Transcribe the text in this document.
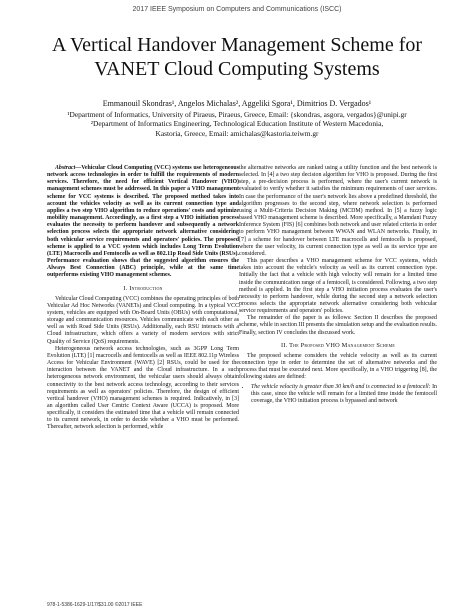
2017 IEEE Symposium on Computers and Communications (ISCC)
A Vertical Handover Management Scheme for VANET Cloud Computing Systems
Emmanouil Skondras¹, Angelos Michalas², Aggeliki Sgora¹, Dimitrios D. Vergados¹
¹Department of Informatics, University of Piraeus, Piraeus, Greece, Email: {skondras, asgora, vergados}@unipi.gr
²Department of Informatics Engineering, Technological Education Institute of Western Macedonia,
Kastoria, Greece, Email: amichalas@kastoria.teiwm.gr

Abstract—Vehicular Cloud Computing (VCC) systems use heterogeneous network access technologies in order to fulfill the requirements of modern services. Therefore, the need for efficient Vertical Handover (VHO) management schemes must be addressed. In this paper a VHO management scheme for VCC systems is described. The proposed method takes into account the vehicles velocity as well as its current connection type and applies a two step VHO algorithm to reduce operations' costs and optimize mobility management. Accordingly, as a first step a VHO initiation process evaluates the necessity to perform handover and subsequently a network selection process selects the appropriate network alternative considering both vehicular service requirements and operators' policies. The proposed scheme is applied to a VCC system which includes Long Term Evolution (LTE) Macrocells and Femtocells as well as 802.11p Road Side Units (RSUs). Performance evaluation shows that the suggested algorithm ensures the Always Best Connection (ABC) principle, while at the same time outperforms existing VHO management schemes.

I. Introduction

Vehicular Cloud Computing (VCC) combines the operating principles of both Vehicular Ad Hoc Networks (VANETs) and Cloud computing. In a typical VCC system, vehicles are equipped with On-Board Units (OBUs) with computational, storage and communication resources. Vehicles communicate with each other as well as with Road Side Units (RSUs). Additionally, each RSU interacts with a Cloud infrastructure, which offers a variety of modern services with strict Quality of Service (QoS) requirements.

Heterogeneous network access technologies, such as 3GPP Long Term Evolution (LTE) [1] macrocells and femtocells as well as IEEE 802.11p Wireless Access for Vehicular Environment (WAVE) [2] RSUs, could be used for the interaction between the VANET and the Cloud infrastructure. In a such heterogeneous network environment, the vehicular users should always obtain connectivity to the best network access technology, according to their services requirements as well as operators' policies. Therefore, the design of efficient vertical handover (VHO) management schemes is required. Indicatively, in [3] an algorithm called User Centric Context Aware (UCCA) is proposed. More specifically, it considers the estimated time that a vehicle will remain connected to its current network, in order to decide whether a VHO must be performed. Thereafter, network selection is performed, while

the alternative networks are ranked using a utility function and the best network is selected. In [4] a two step decision algorithm for VHO is proposed. During the first step, a pre-decision process is performed, where the user's current network is evaluated to verify whether it satisfies the minimum requirements of user services. In case the performance of the user's network lies above a predefined threshold, the algorithm progresses to the second step, where network selection is performed using a Multi-Criteria Decision Making (MCDM) method. In [5] a fuzzy logic based VHO management scheme is described. More specifically, a Mamdani Fuzzy Inference System (FIS) [6] combines both network and user related criteria in order to perform VHO management between WWAN and WLAN networks. Finally, in [7] a scheme for handover between LTE macrocells and femtocells is proposed, where the user velocity, its current connection type as well as its service type are considered.

This paper describes a VHO management scheme for VCC systems, which takes into account the vehicle's velocity as well as its current connection type. Initially the fact that a vehicle with high velocity will remain for a limited time inside the communication range of a femtocell, is considered. Following, a two step method is applied. In the first step a VHO initiation process evaluates the user's necessity to perform handover, while during the second step a network selection process selects the appropriate network alternative considering both vehicular service requirements and operators' policies.

The remainder of the paper is as follows: Section II describes the proposed scheme, while in section III presents the simulation setup and the evaluation results. Finally, section IV concludes the discussed work.

II. The Proposed VHO Management Scheme

The proposed scheme considers the vehicle velocity as well as its current connection type in order to determine the set of alternative networks and the process that must be executed next. More specifically, in a VHO triggering [8], the following states are defined:

• The vehicle velocity is greater than 30 km/h and is connected to a femtocell: In this case, since the vehicle will remain for a limited time inside the femtocell coverage, the VHO initiation process is bypassed and network
978-1-5386-1629-1/17/$31.00 ©2017 IEEE
